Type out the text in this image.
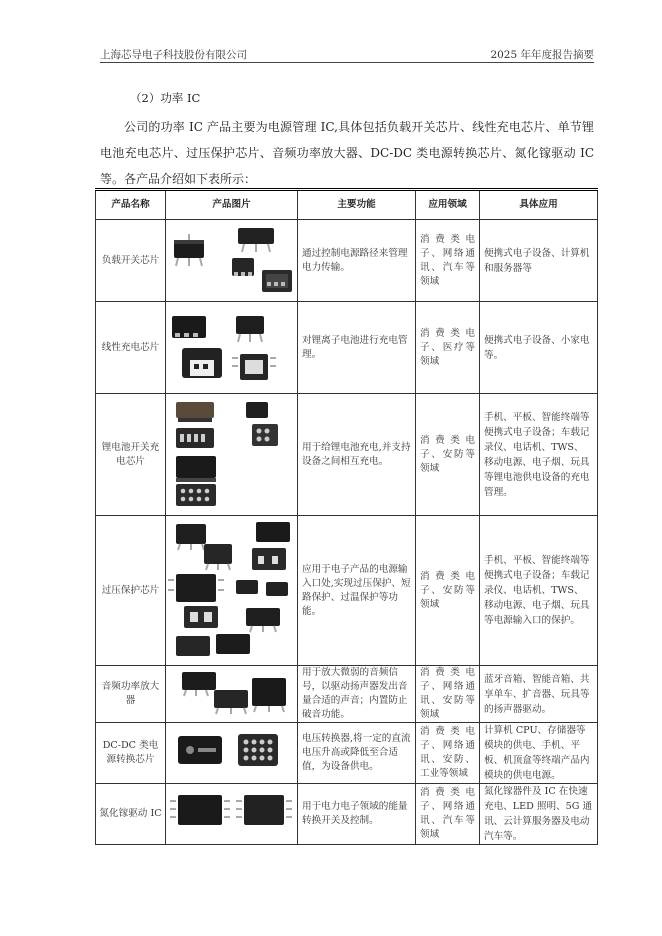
上海芯导电子科技股份有限公司	2025 年年度报告摘要
（2）功率 IC
公司的功率 IC 产品主要为电源管理 IC,具体包括负载开关芯片、线性充电芯片、单节锂电池充电芯片、过压保护芯片、音频功率放大器、DC-DC 类电源转换芯片、氮化镓驱动 IC 等。各产品介绍如下表所示：
产品名称	产品图片	主要功能	应用领域	具体应用
负载开关芯片		通过控制电源路径来管理电力传输。	消费类电子、网络通讯、汽车等领域	便携式电子设备、计算机和服务器等
线性充电芯片		对锂离子电池进行充电管理。	消费类电子、医疗等领域	便携式电子设备、小家电等。
锂电池开关充电芯片		用于给锂电池充电,并支持设备之间相互充电。	消费类电子、安防等领域	手机、平板、智能终端等便携式电子设备；车载记录仪、电话机、TWS、移动电源、电子烟、玩具等锂电池供电设备的充电管理。
过压保护芯片		应用于电子产品的电源输入口处,实现过压保护、短路保护、过温保护等功能。	消费类电子、安防等领域	手机、平板、智能终端等便携式电子设备；车载记录仪、电话机、TWS、移动电源、电子烟、玩具等电源输入口的保护。
音频功率放大器		用于放大微弱的音频信号，以驱动扬声器发出音量合适的声音；内置防止破音功能。	消费类电子、网络通讯、安防等领域	蓝牙音箱、智能音箱、共享单车、扩音器、玩具等的扬声器驱动。
DC-DC 类电源转换芯片		电压转换器,将一定的直流电压升高或降低至合适值，为设备供电。	消费类电子、网络通讯、安防、工业等领域	计算机 CPU、存储器等模块的供电、手机、平板、机顶盒等终端产品内模块的供电电源。
氮化镓驱动 IC		用于电力电子领域的能量转换开关及控制。	消费类电子、网络通讯、汽车等领域	氮化镓器件及 IC 在快速充电、LED 照明、5G 通讯、云计算服务器及电动汽车等。
